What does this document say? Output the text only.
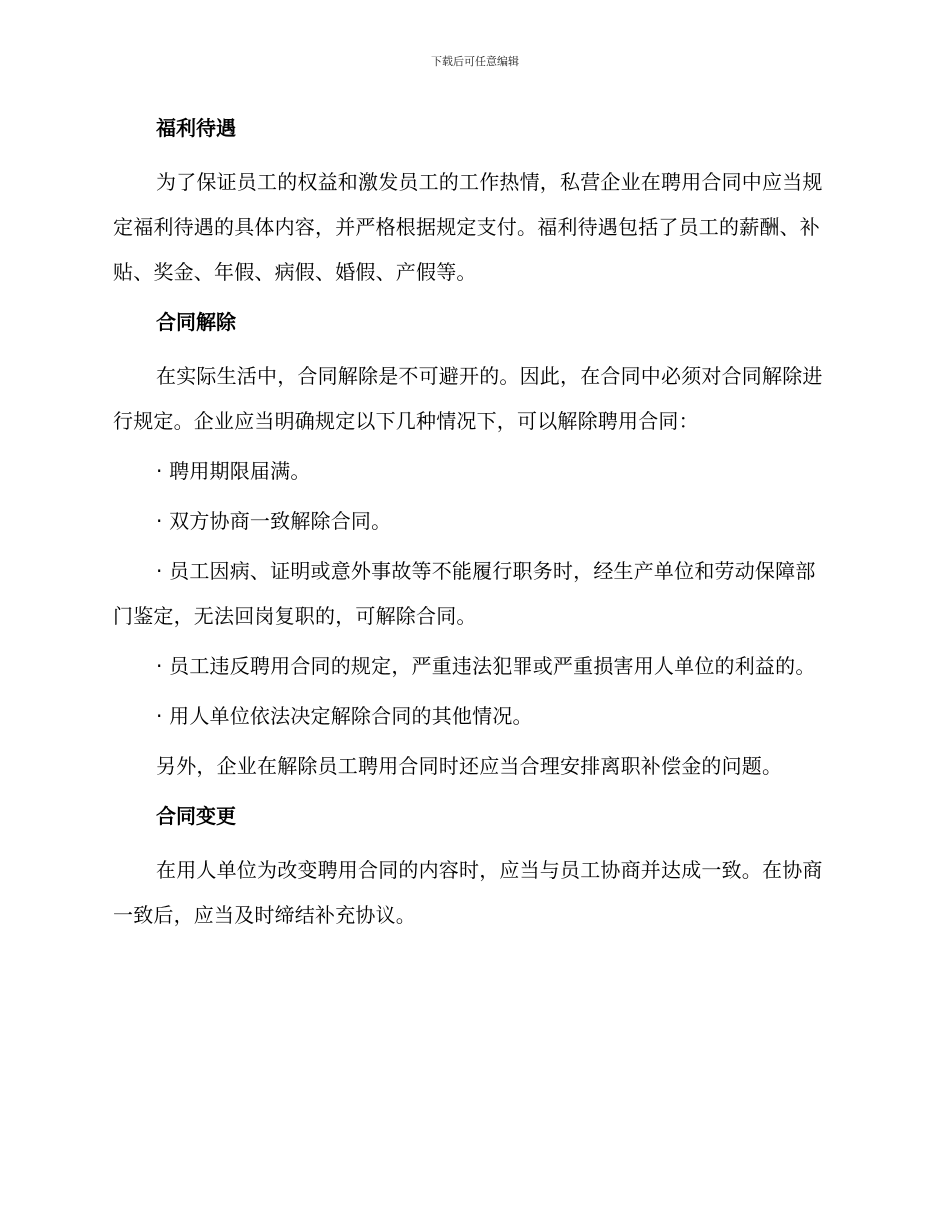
下载后可任意编辑
福利待遇

为了保证员工的权益和激发员工的工作热情，私营企业在聘用合同中应当规定福利待遇的具体内容，并严格根据规定支付。福利待遇包括了员工的薪酬、补贴、奖金、年假、病假、婚假、产假等。

合同解除

在实际生活中，合同解除是不可避开的。因此，在合同中必须对合同解除进行规定。企业应当明确规定以下几种情况下，可以解除聘用合同：

· 聘用期限届满。

· 双方协商一致解除合同。

· 员工因病、证明或意外事故等不能履行职务时，经生产单位和劳动保障部门鉴定，无法回岗复职的，可解除合同。

· 员工违反聘用合同的规定，严重违法犯罪或严重损害用人单位的利益的。

· 用人单位依法决定解除合同的其他情况。

另外，企业在解除员工聘用合同时还应当合理安排离职补偿金的问题。

合同变更

在用人单位为改变聘用合同的内容时，应当与员工协商并达成一致。在协商一致后，应当及时缔结补充协议。
